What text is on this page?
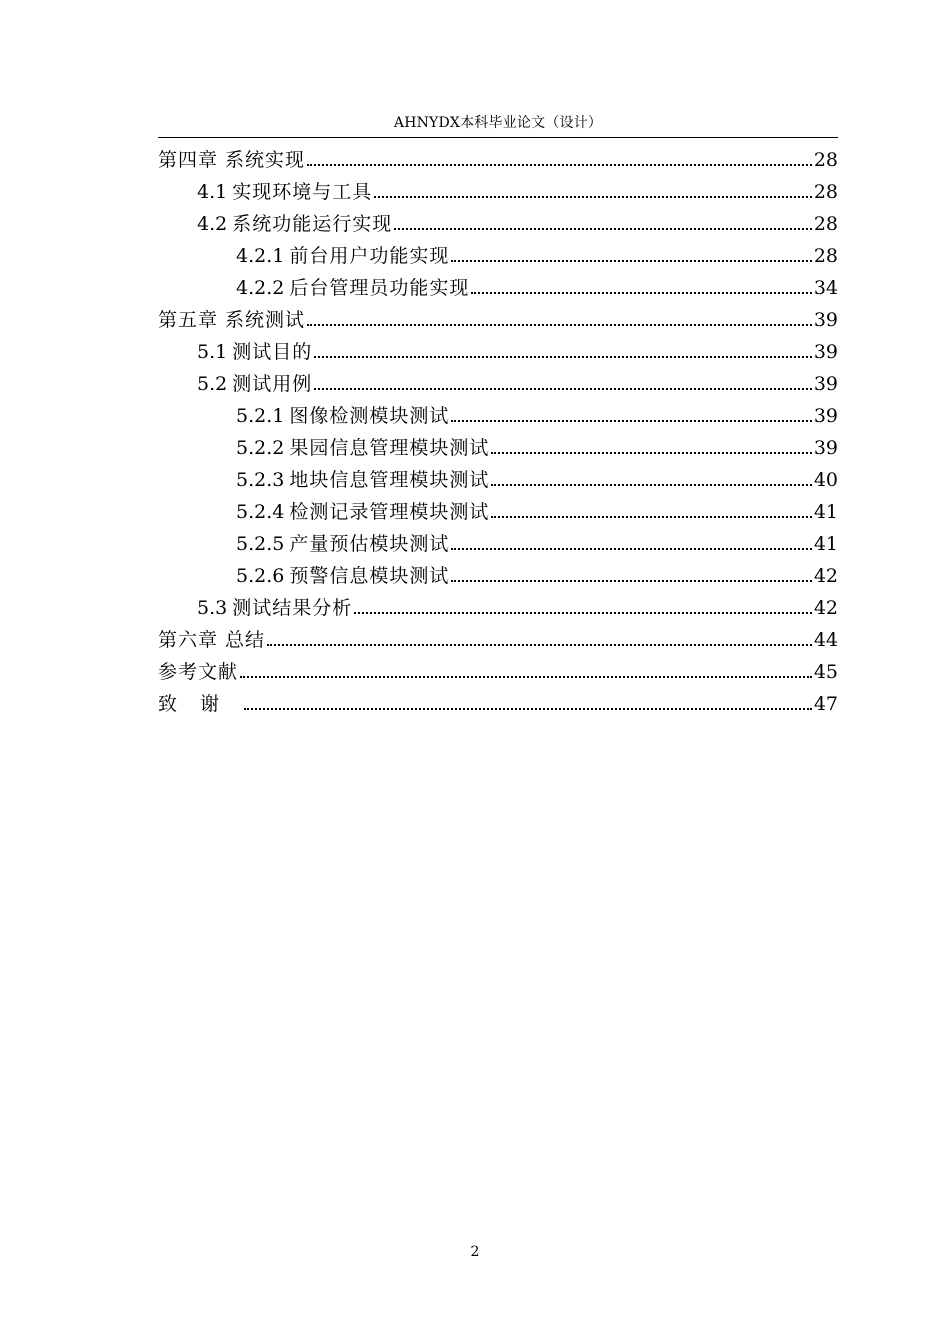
AHNYDX本科毕业论文（设计）
第四章 系统实现	28
4.1 实现环境与工具	28
4.2 系统功能运行实现	28
4.2.1 前台用户功能实现	28
4.2.2 后台管理员功能实现	34
第五章 系统测试	39
5.1 测试目的	39
5.2 测试用例	39
5.2.1 图像检测模块测试	39
5.2.2 果园信息管理模块测试	39
5.2.3 地块信息管理模块测试	40
5.2.4 检测记录管理模块测试	41
5.2.5 产量预估模块测试	41
5.2.6 预警信息模块测试	42
5.3 测试结果分析	42
第六章 总结	44
参考文献	45
致谢	47
2
